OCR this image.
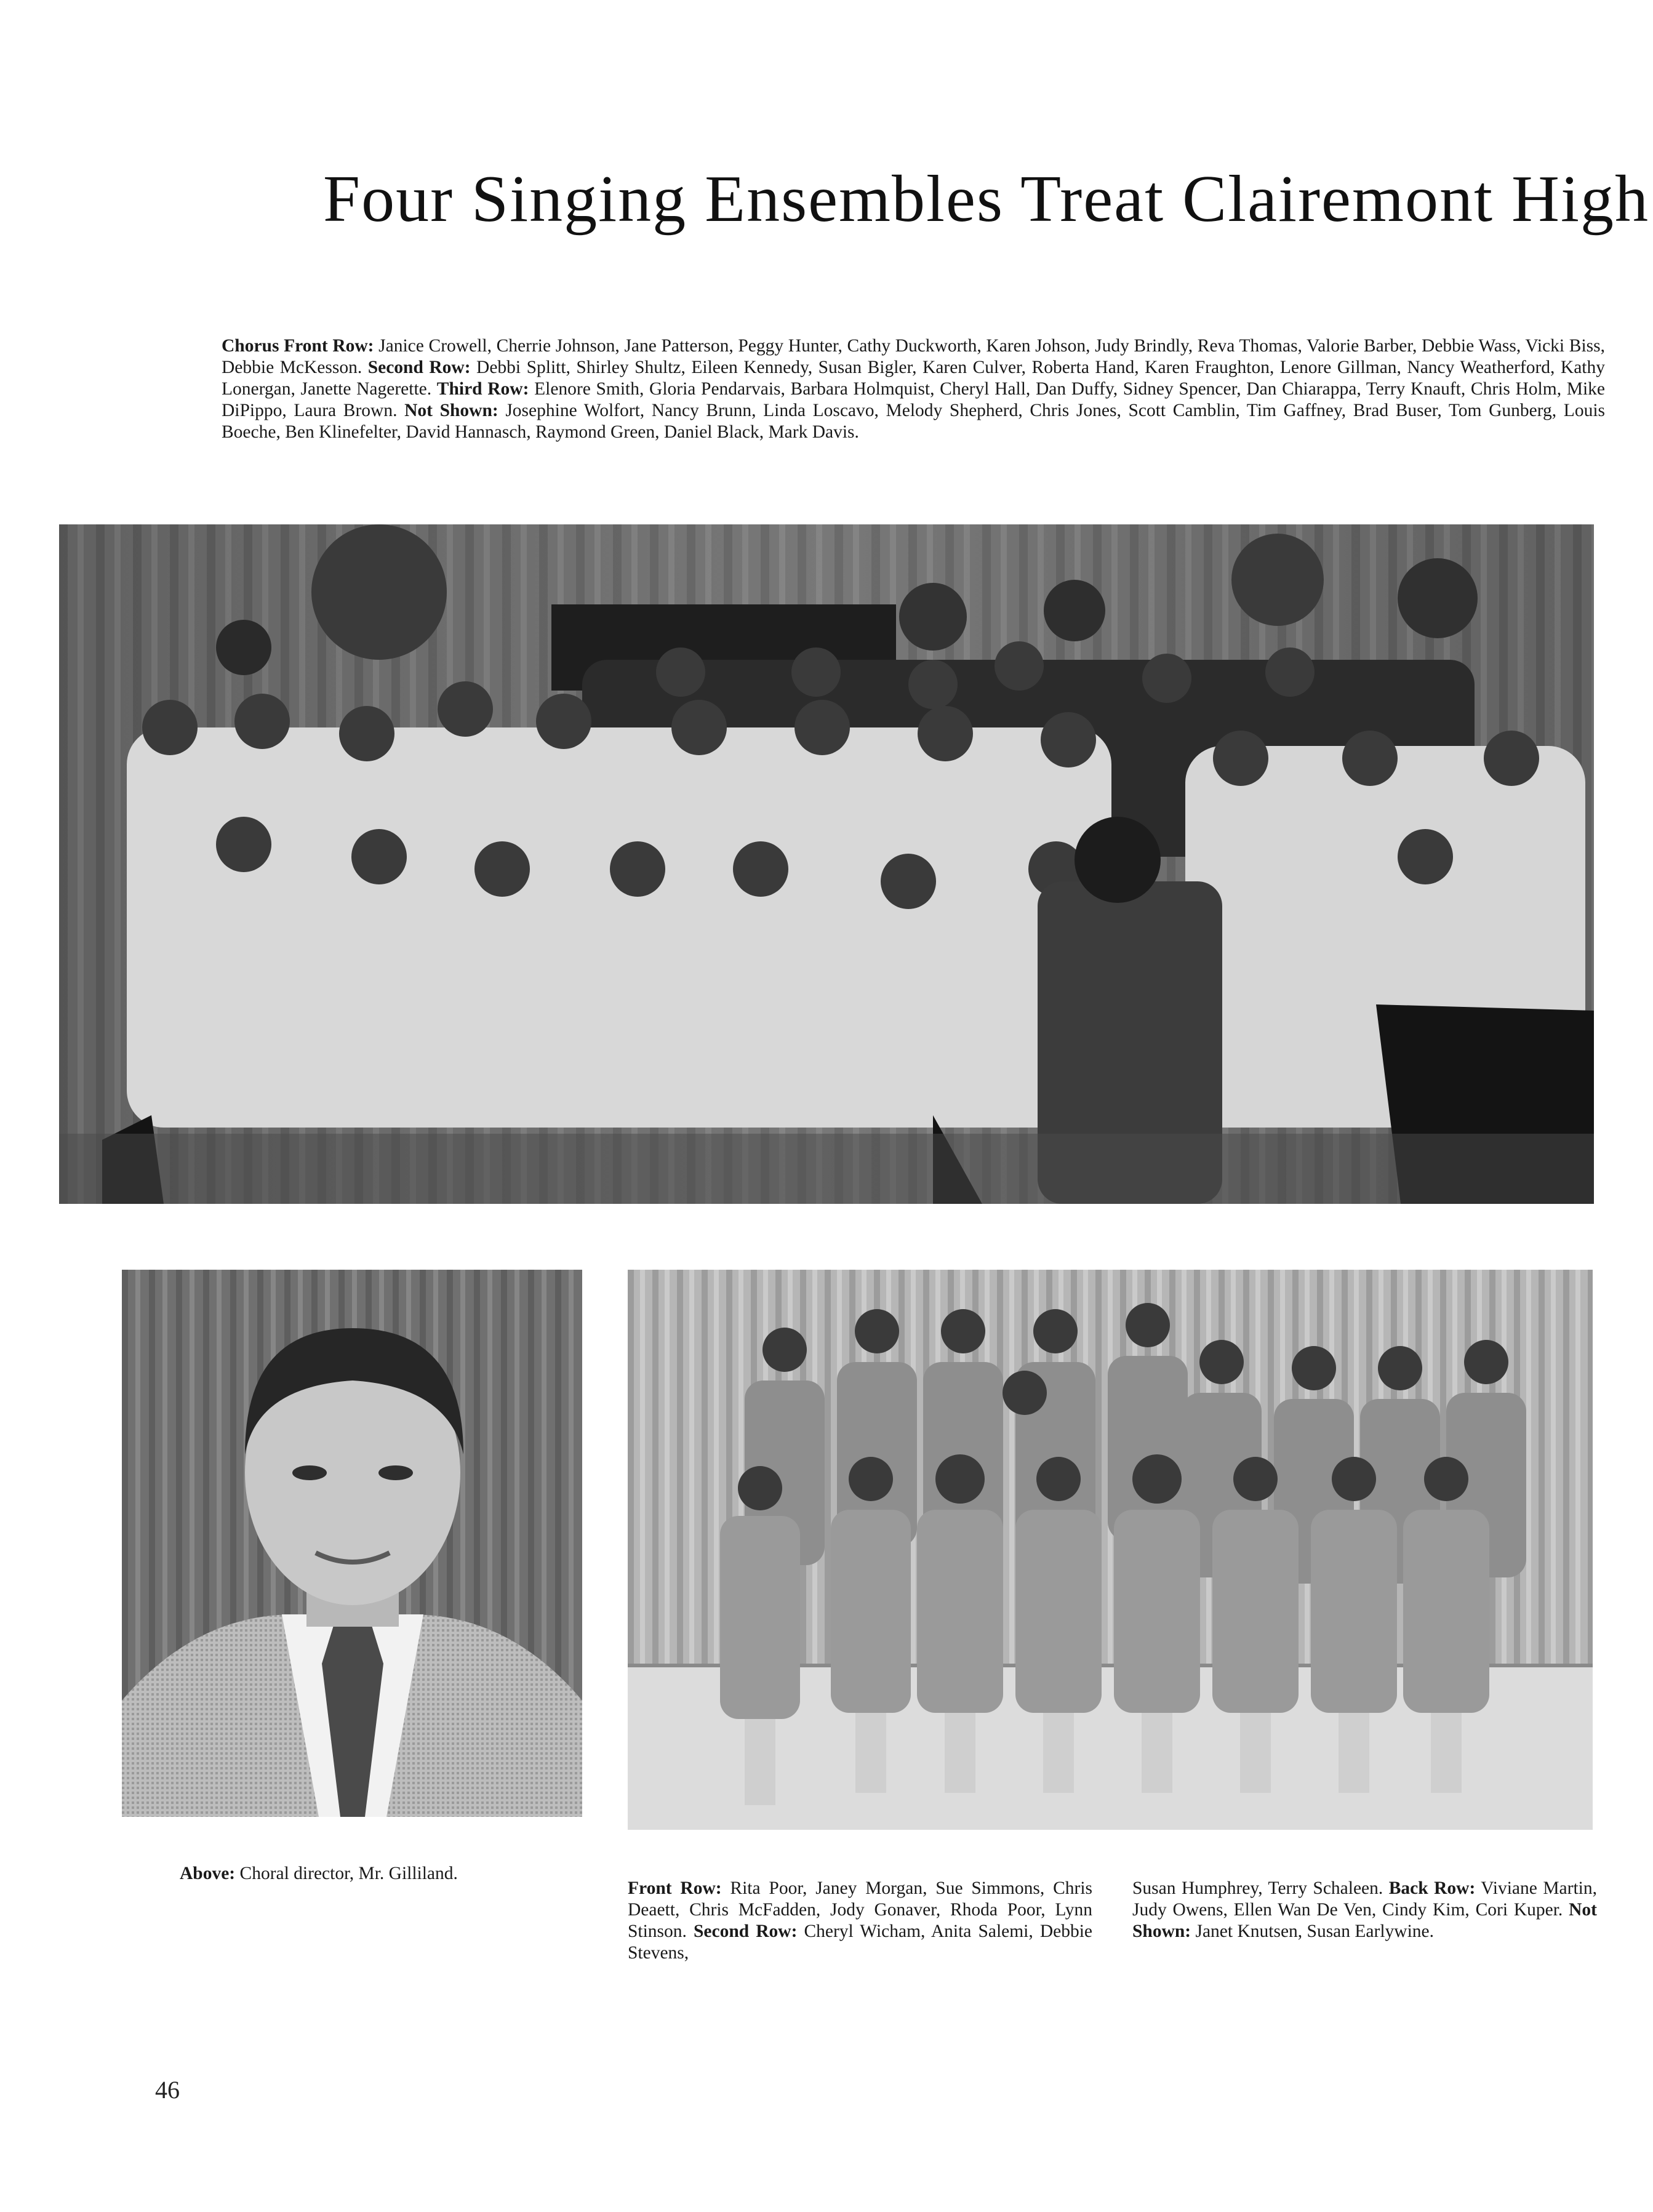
Four Singing Ensembles Treat Clairemont High
Chorus Front Row: Janice Crowell, Cherrie Johnson, Jane Patterson, Peggy Hunter, Cathy Duckworth, Karen Johson, Judy Brindly, Reva Thomas, Valorie Barber, Debbie Wass, Vicki Biss, Debbie McKesson. Second Row: Debbi Splitt, Shirley Shultz, Eileen Kennedy, Susan Bigler, Karen Culver, Roberta Hand, Karen Fraughton, Lenore Gillman, Nancy Weatherford, Kathy Lonergan, Janette Nagerette. Third Row: Elenore Smith, Gloria Pendarvais, Barbara Holmquist, Cheryl Hall, Dan Duffy, Sidney Spencer, Dan Chiarappa, Terry Knauft, Chris Holm, Mike DiPippo, Laura Brown. Not Shown: Josephine Wolfort, Nancy Brunn, Linda Loscavo, Melody Shepherd, Chris Jones, Scott Camblin, Tim Gaffney, Brad Buser, Tom Gunberg, Louis Boeche, Ben Klinefelter, David Hannasch, Raymond Green, Daniel Black, Mark Davis.
Above: Choral director, Mr. Gilliland.
Front Row: Rita Poor, Janey Morgan, Sue Simmons, Chris Deaett, Chris McFadden, Jody Gonaver, Rhoda Poor, Lynn Stinson. Second Row: Cheryl Wicham, Anita Salemi, Debbie Stevens,
Susan Humphrey, Terry Schaleen. Back Row: Viviane Martin, Judy Owens, Ellen Wan De Ven, Cindy Kim, Cori Kuper. Not Shown: Janet Knutsen, Susan Earlywine.
46
